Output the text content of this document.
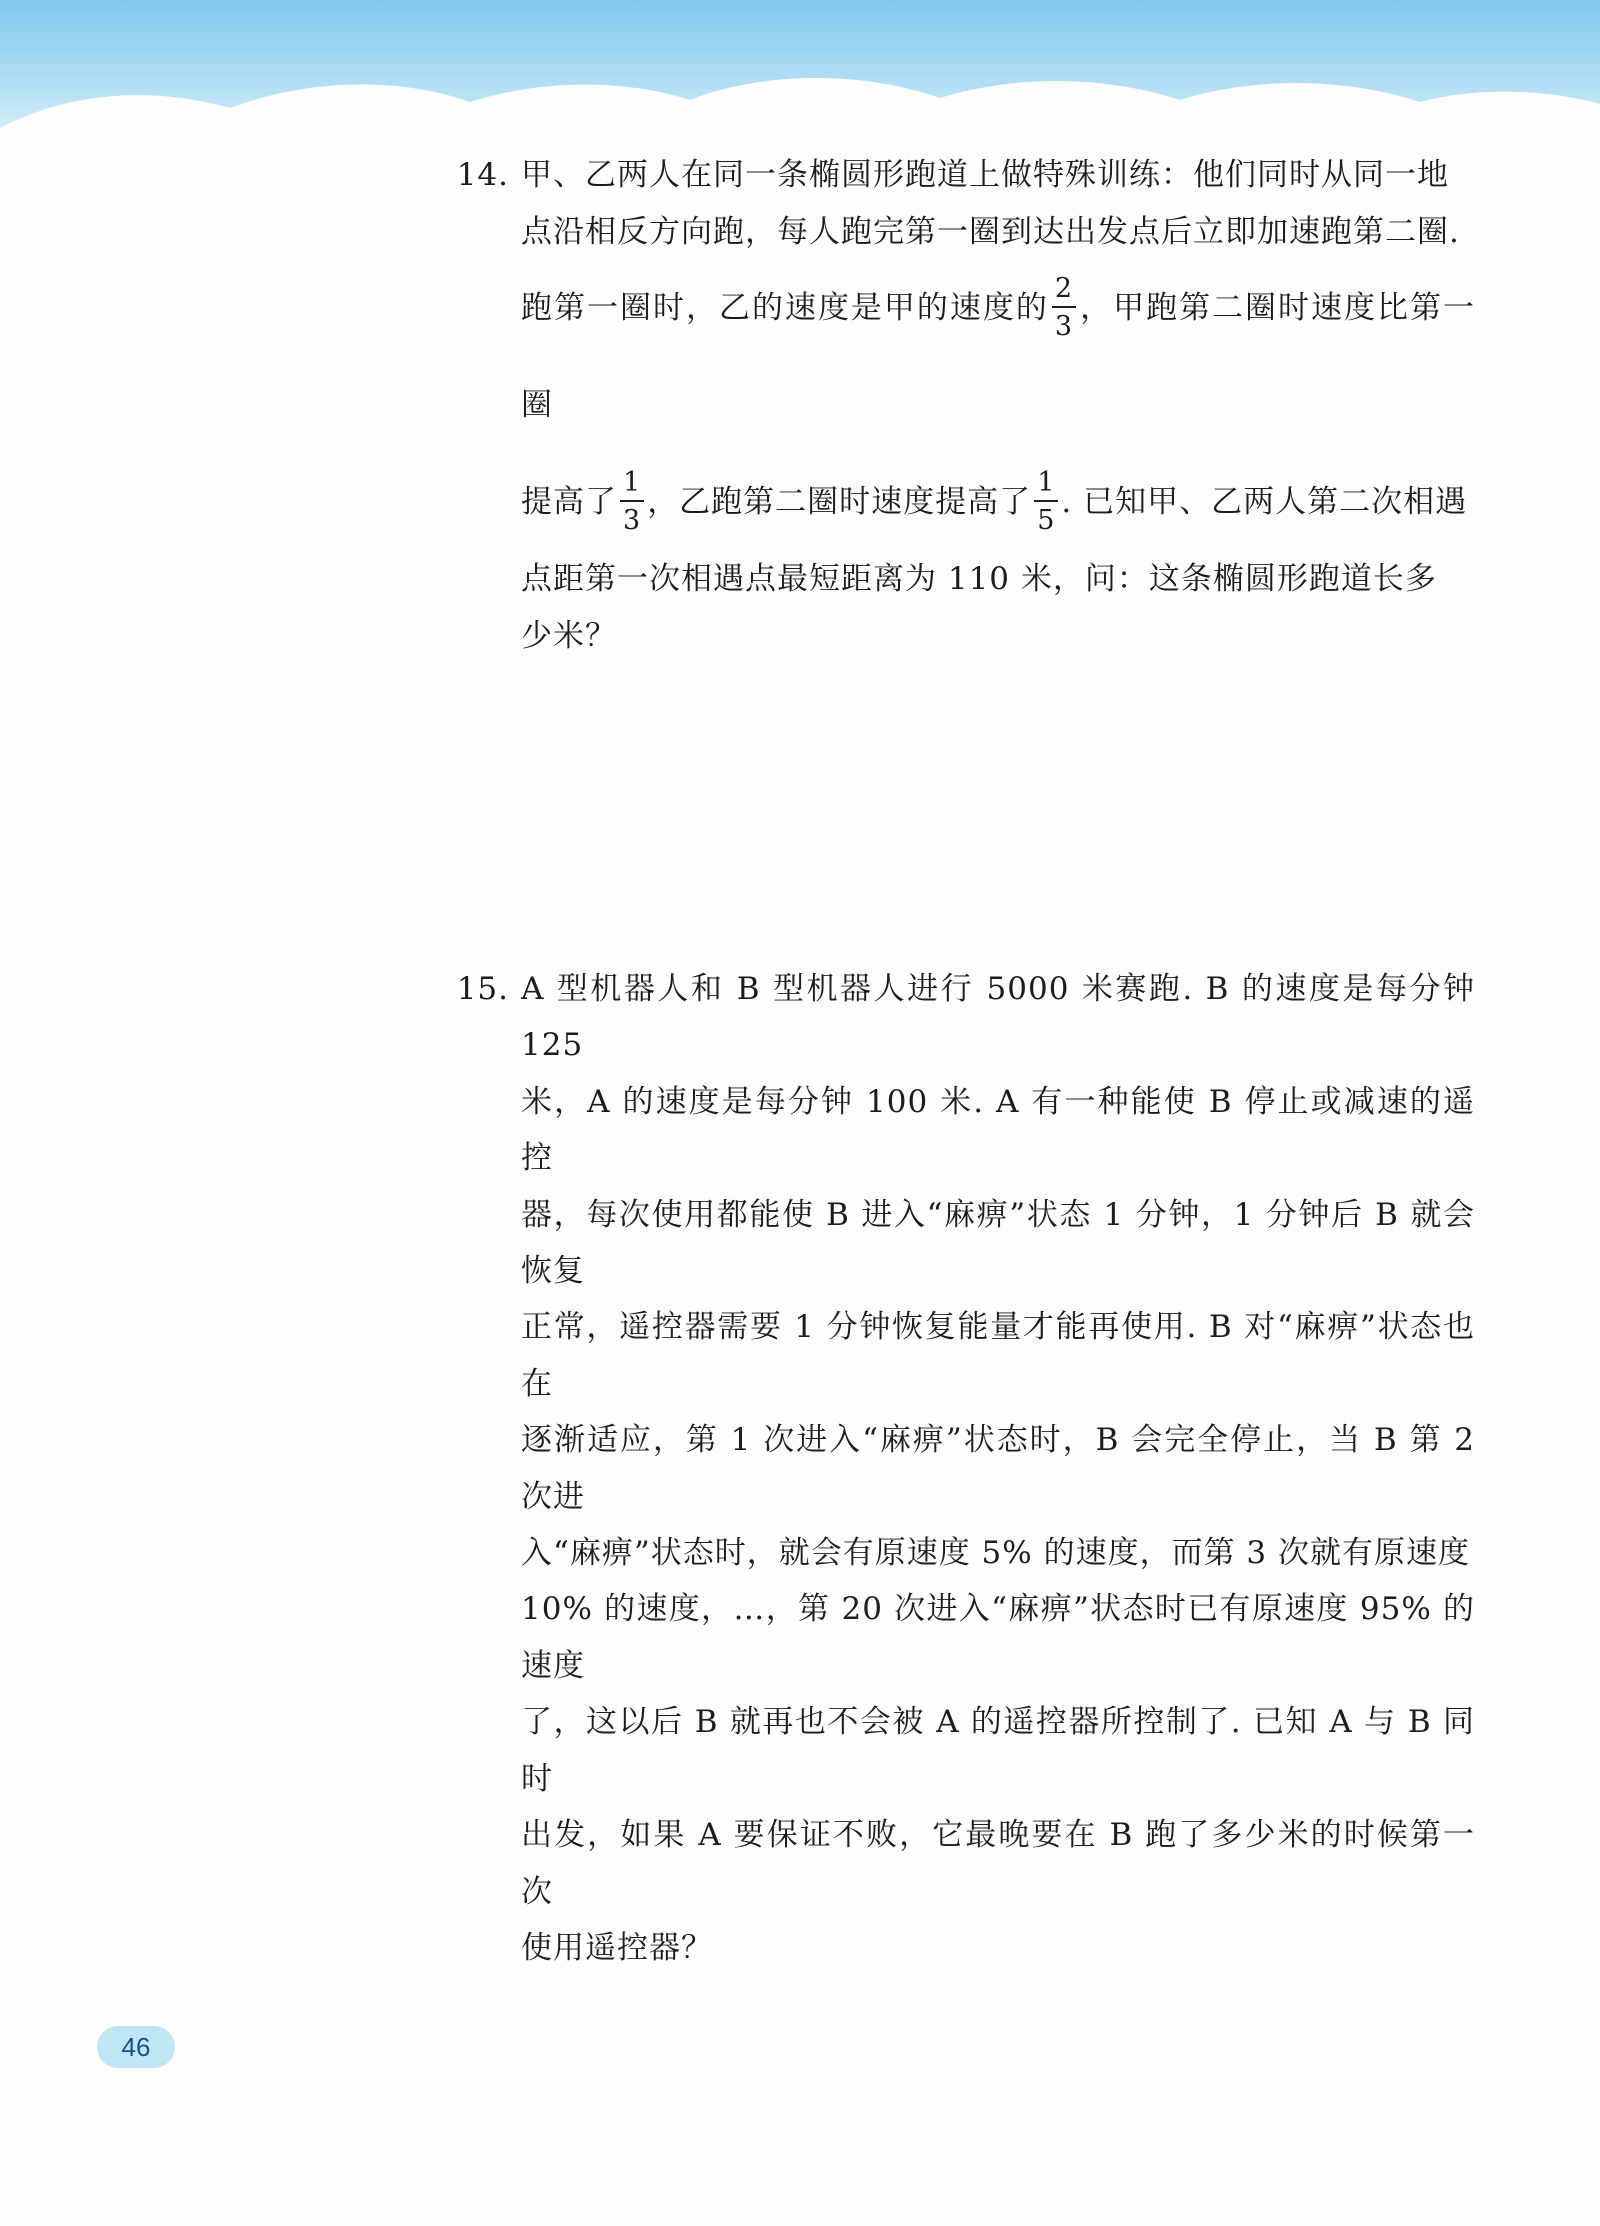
14. 甲、乙两人在同一条椭圆形跑道上做特殊训练：他们同时从同一地
点沿相反方向跑，每人跑完第一圈到达出发点后立即加速跑第二圈.
跑第一圈时，乙的速度是甲的速度的 $\frac{2}{3}$ ，甲跑第二圈时速度比第一圈
提高了 $\frac{1}{3}$ ，乙跑第二圈时速度提高了 $\frac{1}{5}$ . 已知甲、乙两人第二次相遇
点距第一次相遇点最短距离为 110 米，问：这条椭圆形跑道长多
少米？
15. A 型机器人和 B 型机器人进行 5000 米赛跑. B 的速度是每分钟 125
米，A 的速度是每分钟 100 米. A 有一种能使 B 停止或减速的遥控
器，每次使用都能使 B 进入“麻痹”状态 1 分钟，1 分钟后 B 就会恢复
正常，遥控器需要 1 分钟恢复能量才能再使用. B 对“麻痹”状态也在
逐渐适应，第 1 次进入“麻痹”状态时，B 会完全停止，当 B 第 2 次进
入“麻痹”状态时，就会有原速度 5% 的速度，而第 3 次就有原速度
10% 的速度，…，第 20 次进入“麻痹”状态时已有原速度 95% 的速度
了，这以后 B 就再也不会被 A 的遥控器所控制了. 已知 A 与 B 同时
出发，如果 A 要保证不败，它最晚要在 B 跑了多少米的时候第一次
使用遥控器？
46
